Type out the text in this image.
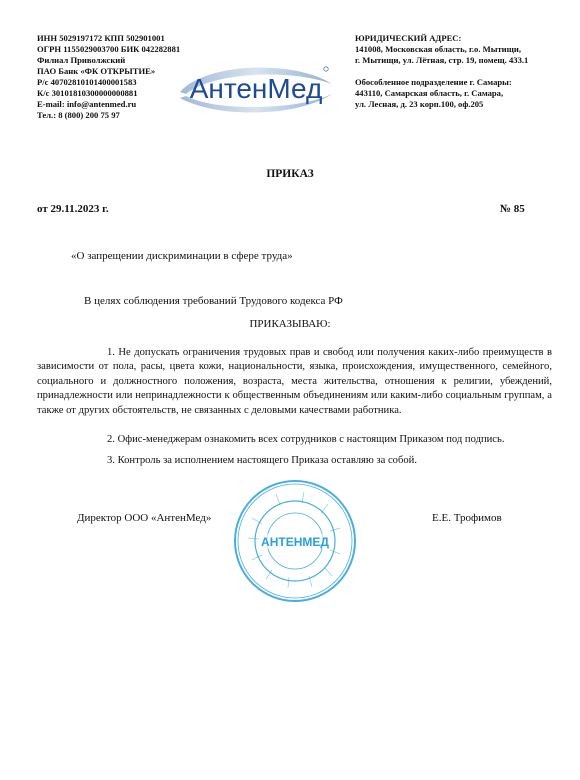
ИНН 5029197172 КПП 502901001
ОГРН 1155029003700 БИК 042282881
Филиал Приволжский
ПАО Банк «ФК ОТКРЫТИЕ»
Р/с 40702810101400001583
К/с 30101810300000000881
E-mail: info@antenmed.ru
Тел.: 8 (800) 200 75 97
АнтенМед
ЮРИДИЧЕСКИЙ АДРЕС:
141008, Московская область, г.о. Мытищи,
г. Мытищи, ул. Лётная, стр. 19, помещ. 433.1
Обособленное подразделение г. Самары:
443110, Самарская область, г. Самара,
ул. Лесная, д. 23 корп.100, оф.205
ПРИКАЗ
от 29.11.2023 г.	№ 85
«О запрещении дискриминации в сфере труда»
В целях соблюдения требований Трудового кодекса РФ
ПРИКАЗЫВАЮ:
1. Не допускать ограничения трудовых прав и свобод или получения каких-либо преимуществ в зависимости от пола, расы, цвета кожи, национальности, языка, происхождения, имущественного, семейного, социального и должностного положения, возраста, места жительства, отношения к религии, убеждений, принадлежности или непринадлежности к общественным объединениям или каким-либо социальным группам, а также от других обстоятельств, не связанных с деловыми качествами работника.
2. Офис-менеджерам ознакомить всех сотрудников с настоящим Приказом под подпись.
3. Контроль за исполнением настоящего Приказа оставляю за собой.
АНТЕНМЕД
Директор ООО «АнтенМед»	Е.Е. Трофимов
